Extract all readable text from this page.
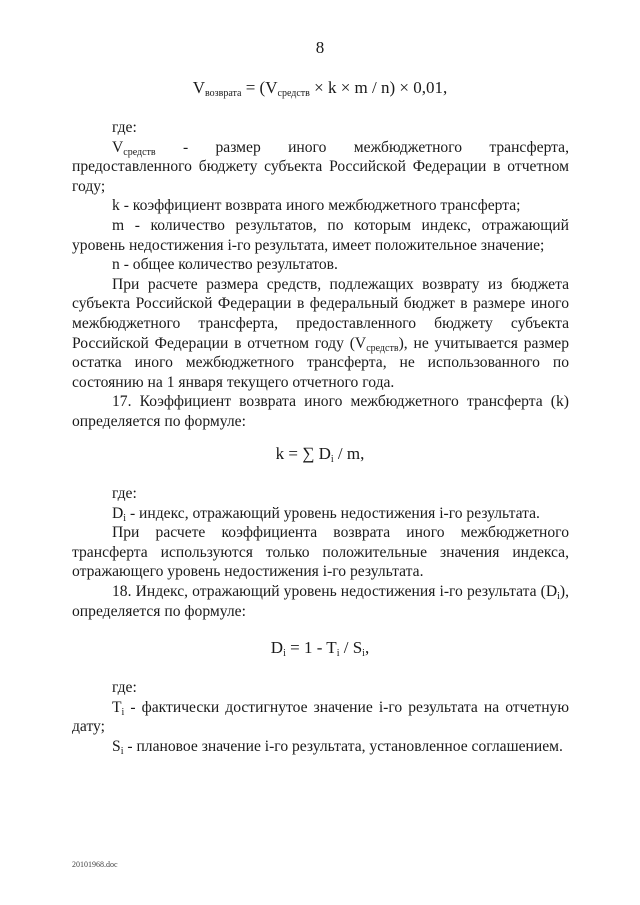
8
$V_{возврата} = (V_{средств} \times k \times m / n) \times 0,01$,

где:

$V_{средств}$ - размер иного межбюджетного трансферта, предоставленного бюджету субъекта Российской Федерации в отчетном году;

k - коэффициент возврата иного межбюджетного трансферта;

m - количество результатов, по которым индекс, отражающий уровень недостижения i-го результата, имеет положительное значение;

n - общее количество результатов.

При расчете размера средств, подлежащих возврату из бюджета субъекта Российской Федерации в федеральный бюджет в размере иного межбюджетного трансферта, предоставленного бюджету субъекта Российской Федерации в отчетном году $(V_{средств})$, не учитывается размер остатка иного межбюджетного трансферта, не использованного по состоянию на 1 января текущего отчетного года.

17. Коэффициент возврата иного межбюджетного трансферта (k) определяется по формуле:

k = ∑ $D_i$ / m,

где:

$D_i$ - индекс, отражающий уровень недостижения i-го результата.

При расчете коэффициента возврата иного межбюджетного трансферта используются только положительные значения индекса, отражающего уровень недостижения i-го результата.

18. Индекс, отражающий уровень недостижения i-го результата $(D_i)$, определяется по формуле:

$D_i = 1 - T_i / S_i$,

где:

$T_i$ - фактически достигнутое значение i-го результата на отчетную дату;

$S_i$ - плановое значение i-го результата, установленное соглашением.

20101968.doc
